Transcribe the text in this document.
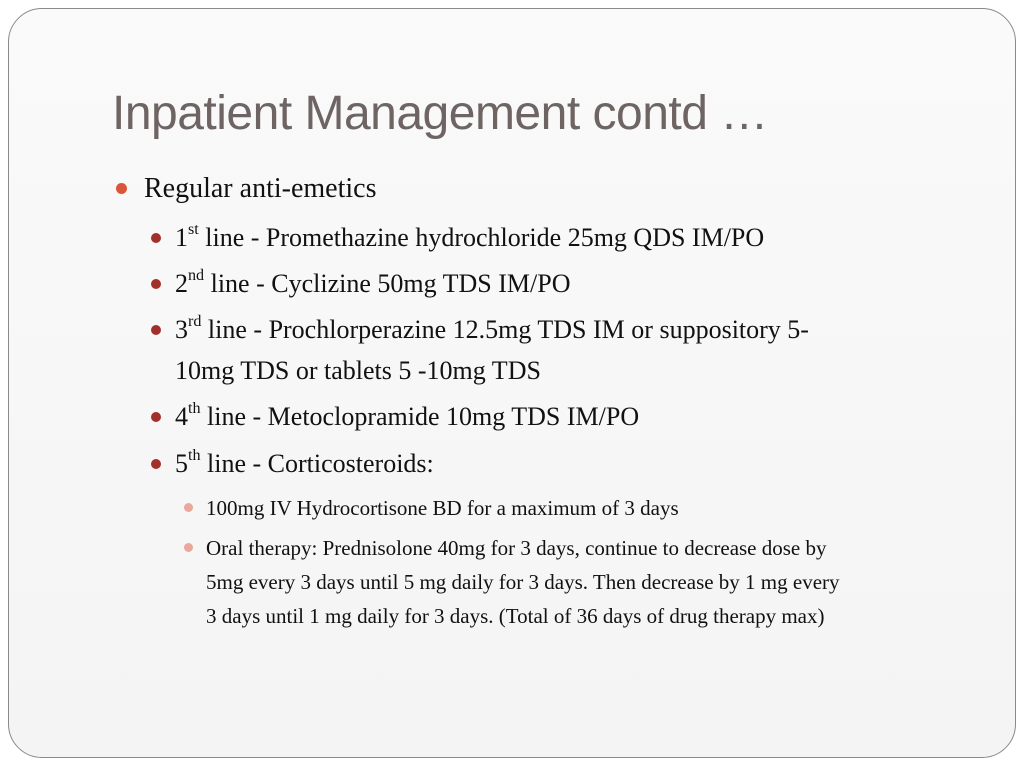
Inpatient Management contd …
Regular anti-emetics
1st line - Promethazine hydrochloride 25mg QDS IM/PO
2nd line - Cyclizine 50mg TDS IM/PO
3rd line - Prochlorperazine 12.5mg TDS IM or suppository 5-
10mg TDS or tablets 5 -10mg TDS
4th line - Metoclopramide 10mg TDS IM/PO
5th line - Corticosteroids:
100mg IV Hydrocortisone BD for a maximum of 3 days
Oral therapy: Prednisolone 40mg for 3 days, continue to decrease dose by
5mg every 3 days until 5 mg daily for 3 days. Then decrease by 1 mg every
3 days until 1 mg daily for 3 days. (Total of 36 days of drug therapy max)
